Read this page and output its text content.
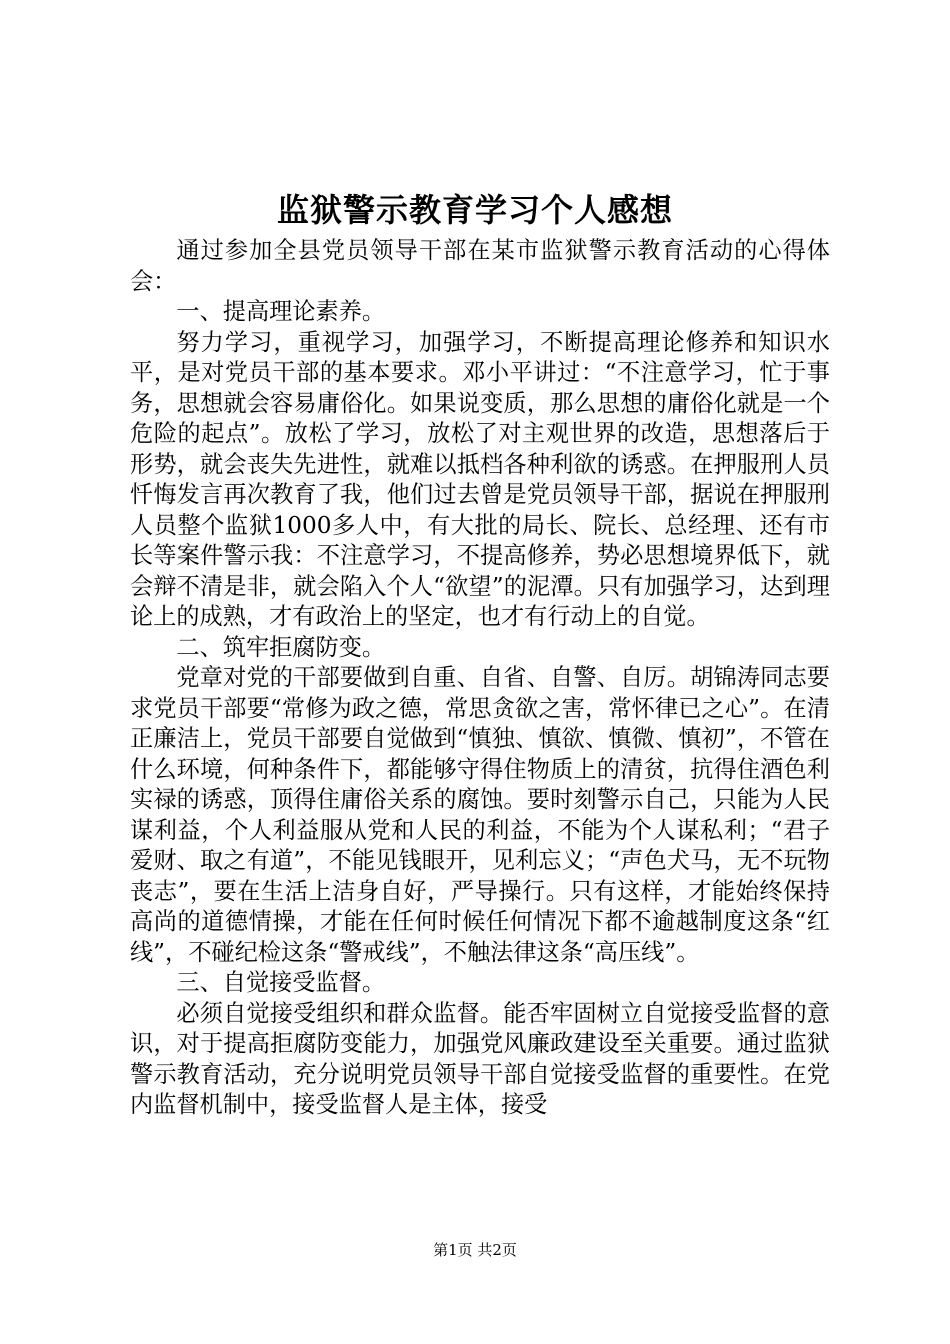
监狱警示教育学习个人感想

通过参加全县党员领导干部在某市监狱警示教育活动的心得体会：

一、提高理论素养。

努力学习，重视学习，加强学习，不断提高理论修养和知识水平，是对党员干部的基本要求。邓小平讲过：“不注意学习，忙于事务，思想就会容易庸俗化。如果说变质，那么思想的庸俗化就是一个危险的起点”。放松了学习，放松了对主观世界的改造，思想落后于形势，就会丧失先进性，就难以抵档各种利欲的诱惑。在押服刑人员忏悔发言再次教育了我，他们过去曾是党员领导干部，据说在押服刑人员整个监狱1000多人中，有大批的局长、院长、总经理、还有市长等案件警示我：不注意学习，不提高修养，势必思想境界低下，就会辩不清是非，就会陷入个人“欲望”的泥潭。只有加强学习，达到理论上的成熟，才有政治上的坚定，也才有行动上的自觉。

二、筑牢拒腐防变。

党章对党的干部要做到自重、自省、自警、自厉。胡锦涛同志要求党员干部要“常修为政之德，常思贪欲之害，常怀律已之心”。在清正廉洁上，党员干部要自觉做到“慎独、慎欲、慎微、慎初”，不管在什么环境，何种条件下，都能够守得住物质上的清贫，抗得住酒色利实禄的诱惑，顶得住庸俗关系的腐蚀。要时刻警示自己，只能为人民谋利益，个人利益服从党和人民的利益，不能为个人谋私利；“君子爱财、取之有道”，不能见钱眼开，见利忘义；“声色犬马，无不玩物丧志”，要在生活上洁身自好，严导操行。只有这样，才能始终保持高尚的道德情操，才能在任何时候任何情况下都不逾越制度这条“红线”，不碰纪检这条“警戒线”，不触法律这条“高压线”。

三、自觉接受监督。

必须自觉接受组织和群众监督。能否牢固树立自觉接受监督的意识，对于提高拒腐防变能力，加强党风廉政建设至关重要。通过监狱警示教育活动，充分说明党员领导干部自觉接受监督的重要性。在党内监督机制中，接受监督人是主体，接受

第1页 共2页
